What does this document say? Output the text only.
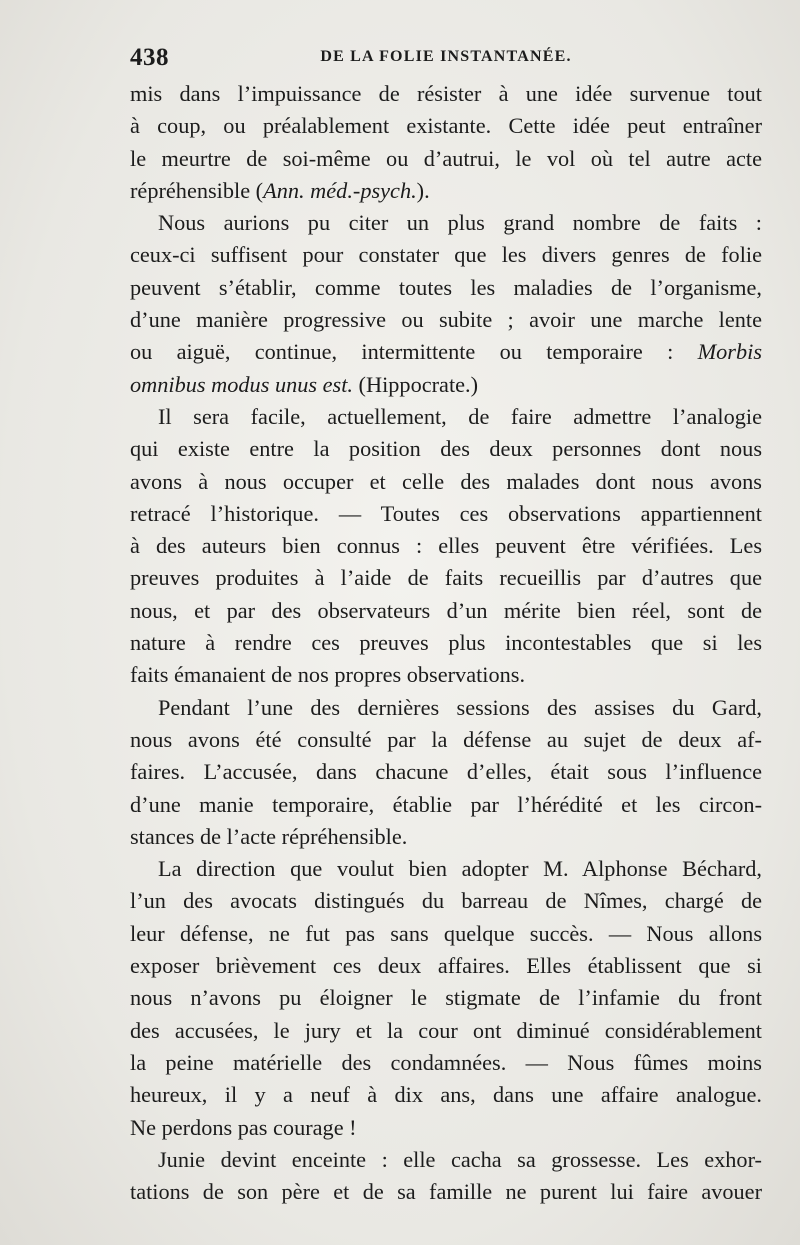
438	DE LA FOLIE INSTANTANÉE.
mis dans l’impuissance de résister à une idée survenue tout
à coup, ou préalablement existante. Cette idée peut entraîner
le meurtre de soi-même ou d’autrui, le vol où tel autre acte
répréhensible (Ann. méd.-psych.).
Nous aurions pu citer un plus grand nombre de faits :
ceux-ci suffisent pour constater que les divers genres de folie
peuvent s’établir, comme toutes les maladies de l’organisme,
d’une manière progressive ou subite ; avoir une marche lente
ou aiguë, continue, intermittente ou temporaire : Morbis
omnibus modus unus est. (Hippocrate.)
Il sera facile, actuellement, de faire admettre l’analogie
qui existe entre la position des deux personnes dont nous
avons à nous occuper et celle des malades dont nous avons
retracé l’historique. — Toutes ces observations appartiennent
à des auteurs bien connus : elles peuvent être vérifiées. Les
preuves produites à l’aide de faits recueillis par d’autres que
nous, et par des observateurs d’un mérite bien réel, sont de
nature à rendre ces preuves plus incontestables que si les
faits émanaient de nos propres observations.
Pendant l’une des dernières sessions des assises du Gard,
nous avons été consulté par la défense au sujet de deux af-
faires. L’accusée, dans chacune d’elles, était sous l’influence
d’une manie temporaire, établie par l’hérédité et les circon-
stances de l’acte répréhensible.
La direction que voulut bien adopter M. Alphonse Béchard,
l’un des avocats distingués du barreau de Nîmes, chargé de
leur défense, ne fut pas sans quelque succès. — Nous allons
exposer brièvement ces deux affaires. Elles établissent que si
nous n’avons pu éloigner le stigmate de l’infamie du front
des accusées, le jury et la cour ont diminué considérablement
la peine matérielle des condamnées. — Nous fûmes moins
heureux, il y a neuf à dix ans, dans une affaire analogue.
Ne perdons pas courage !
Junie devint enceinte : elle cacha sa grossesse. Les exhor-
tations de son père et de sa famille ne purent lui faire avouer
